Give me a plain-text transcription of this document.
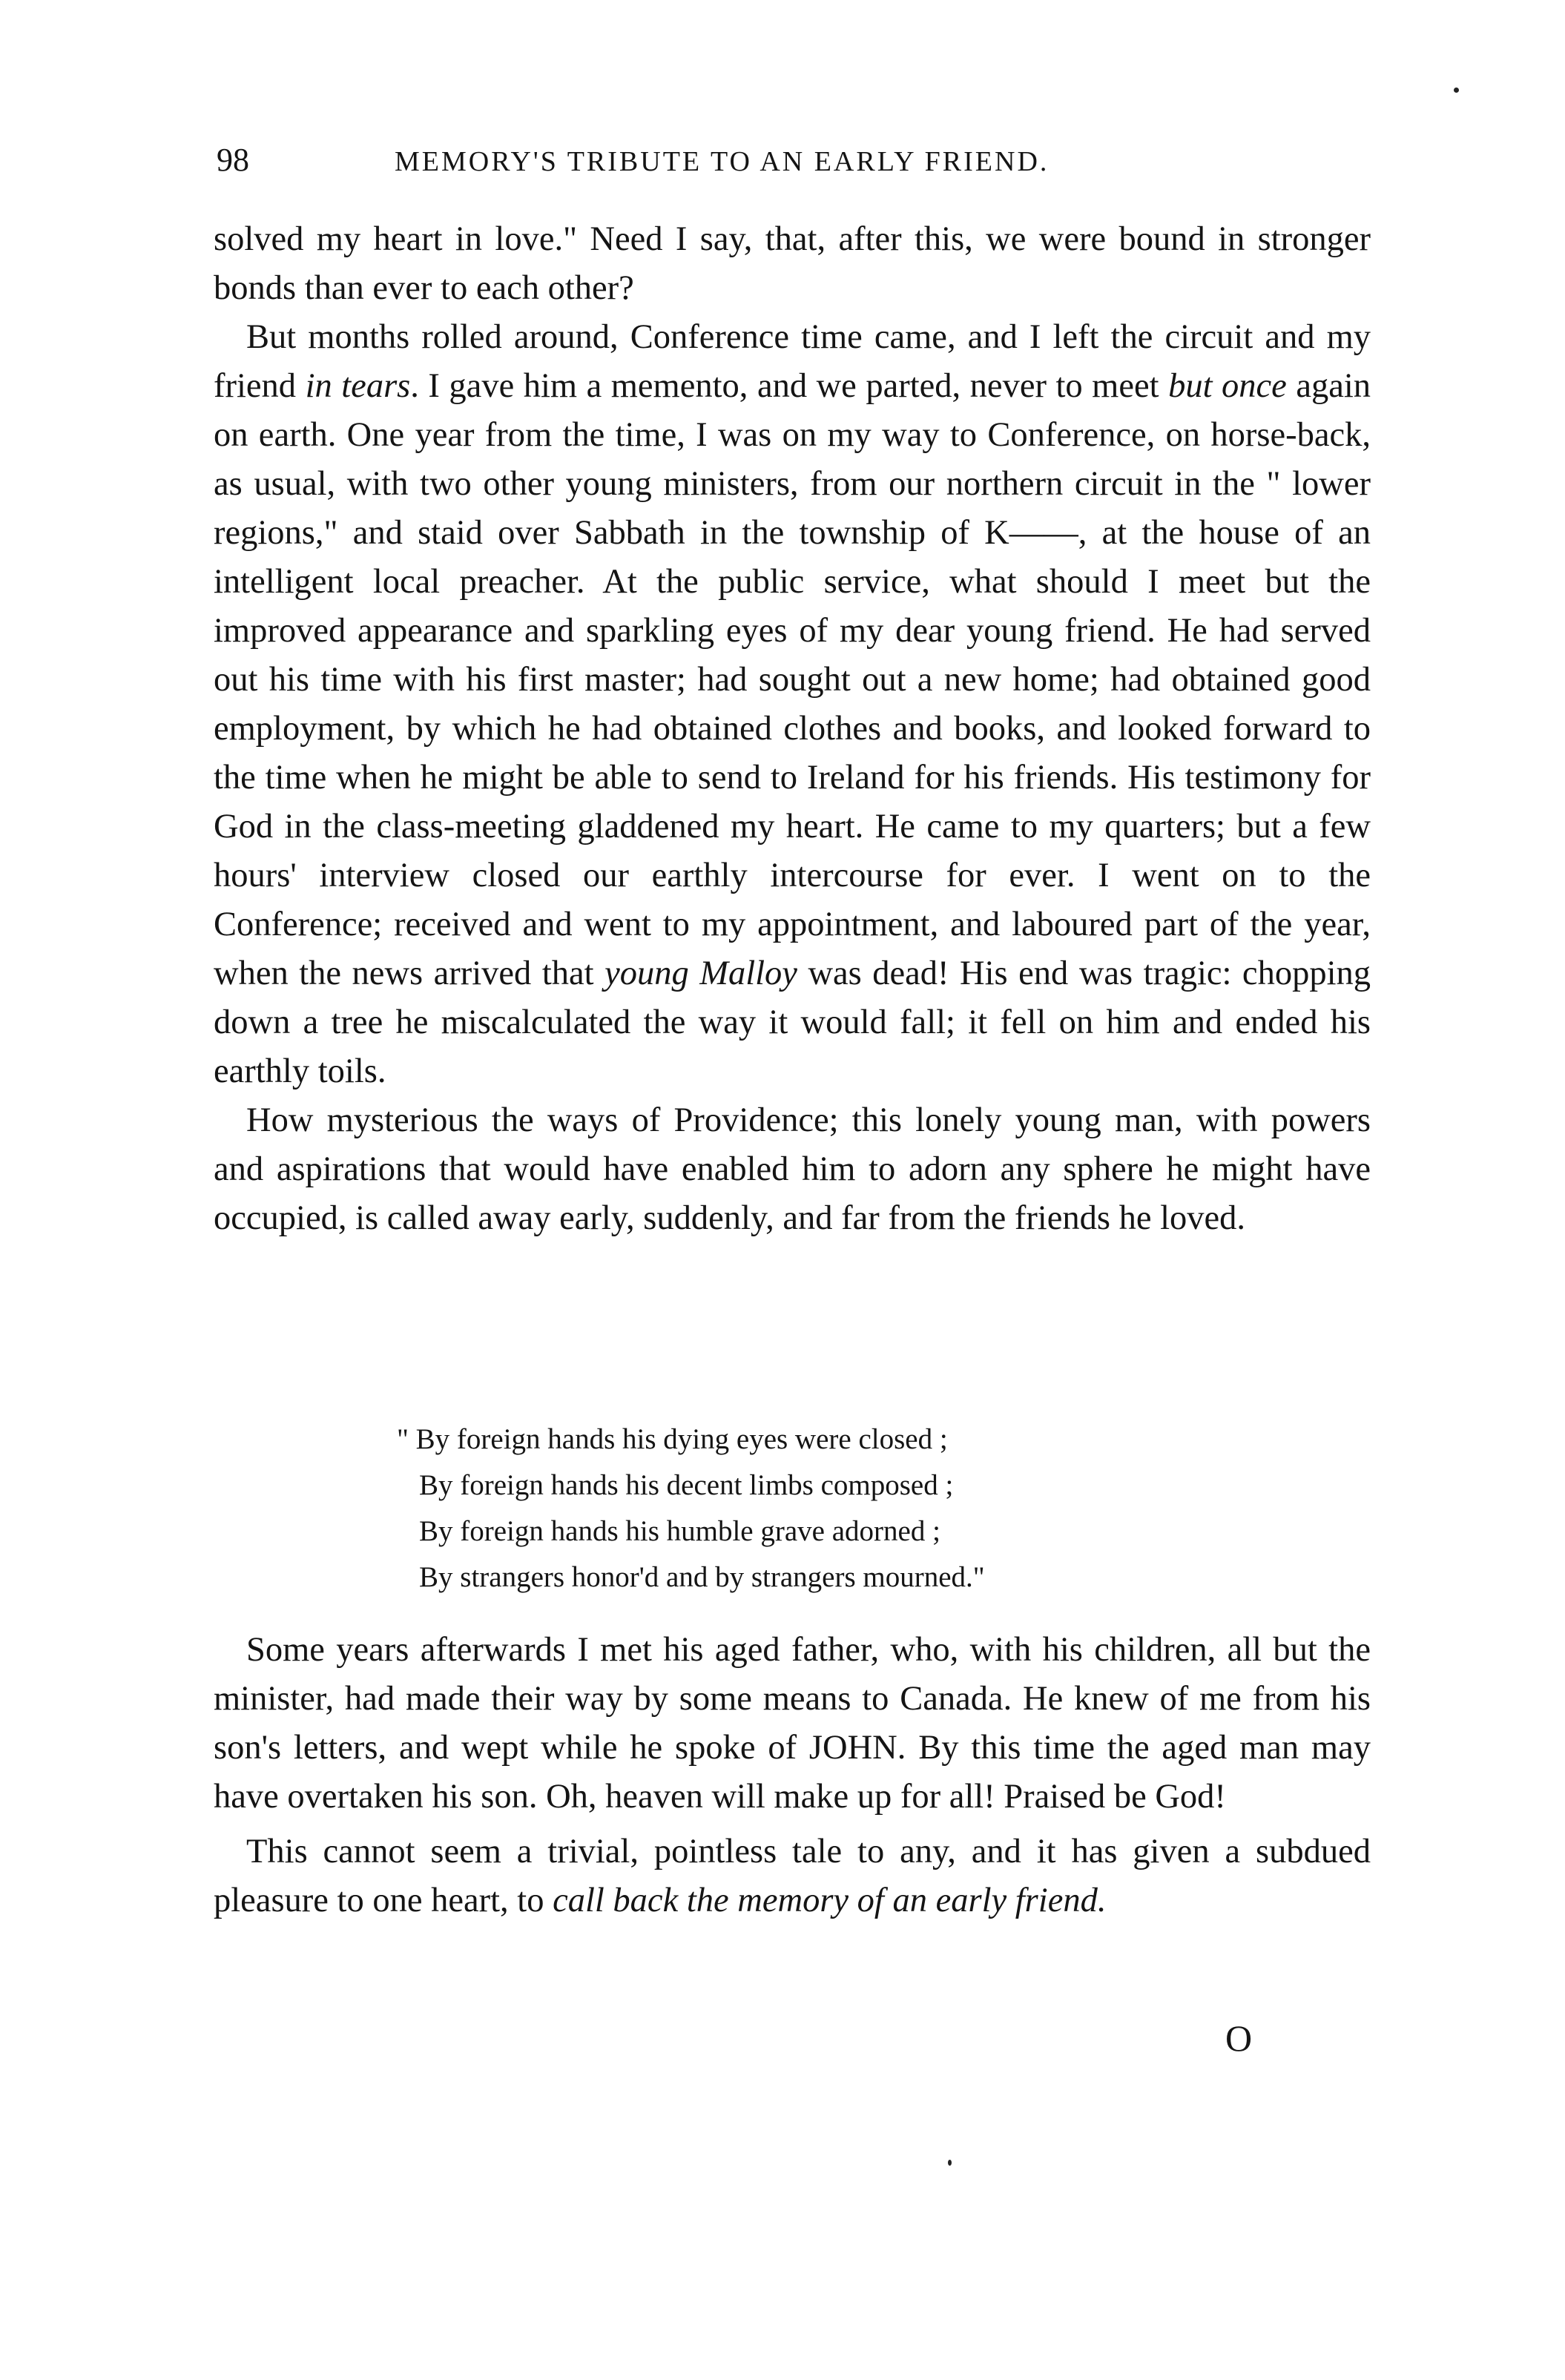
98	MEMORY'S TRIBUTE TO AN EARLY FRIEND.

solved my heart in love." Need I say, that, after this, we were bound in stronger bonds than ever to each other?

But months rolled around, Conference time came, and I left the circuit and my friend in tears. I gave him a memento, and we parted, never to meet but once again on earth. One year from the time, I was on my way to Conference, on horse-back, as usual, with two other young ministers, from our northern circuit in the " lower regions," and staid over Sabbath in the township of K——, at the house of an intelligent local preacher. At the public service, what should I meet but the improved appearance and sparkling eyes of my dear young friend. He had served out his time with his first master; had sought out a new home; had obtained good employment, by which he had obtained clothes and books, and looked forward to the time when he might be able to send to Ireland for his friends. His testimony for God in the class-meeting gladdened my heart. He came to my quarters; but a few hours' interview closed our earthly intercourse for ever. I went on to the Conference; received and went to my appointment, and laboured part of the year, when the news arrived that young Malloy was dead! His end was tragic: chopping down a tree he miscalculated the way it would fall; it fell on him and ended his earthly toils.

How mysterious the ways of Providence; this lonely young man, with powers and aspirations that would have enabled him to adorn any sphere he might have occupied, is called away early, suddenly, and far from the friends he loved.

" By foreign hands his dying eyes were closed ;
By foreign hands his decent limbs composed ;
By foreign hands his humble grave adorned ;
By strangers honor'd and by strangers mourned."

Some years afterwards I met his aged father, who, with his children, all but the minister, had made their way by some means to Canada. He knew of me from his son's letters, and wept while he spoke of JOHN. By this time the aged man may have overtaken his son. Oh, heaven will make up for all! Praised be God!

This cannot seem a trivial, pointless tale to any, and it has given a subdued pleasure to one heart, to call back the memory of an early friend.

O
